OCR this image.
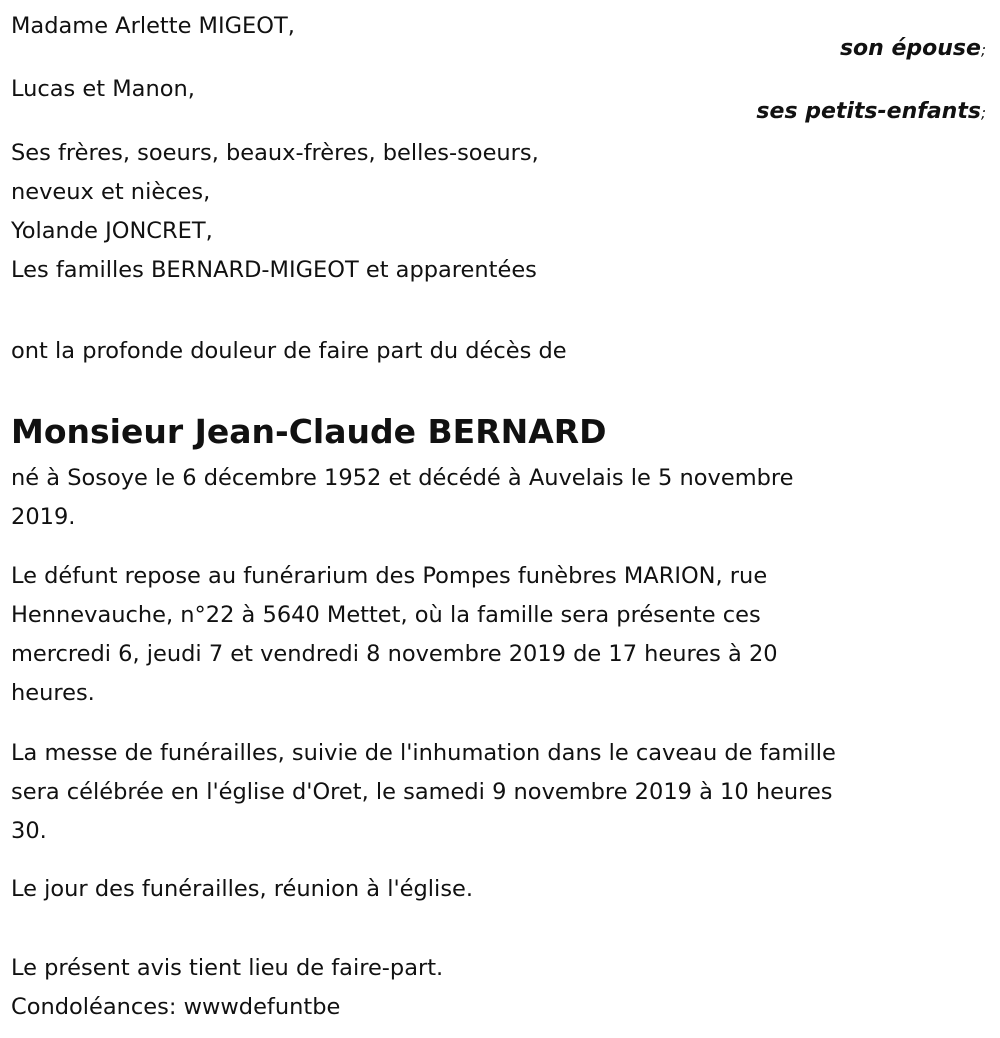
Madame Arlette MIGEOT,
son épouse;
Lucas et Manon,
ses petits-enfants;
Ses frères, soeurs, beaux-frères, belles-soeurs,
neveux et nièces,
Yolande JONCRET,
Les familles BERNARD-MIGEOT et apparentées
ont la profonde douleur de faire part du décès de
Monsieur Jean-Claude BERNARD
né à Sosoye le 6 décembre 1952 et décédé à Auvelais le 5 novembre
2019.
Le défunt repose au funérarium des Pompes funèbres MARION, rue
Hennevauche, n°22 à 5640 Mettet, où la famille sera présente ces
mercredi 6, jeudi 7 et vendredi 8 novembre 2019 de 17 heures à 20
heures.
La messe de funérailles, suivie de l'inhumation dans le caveau de famille
sera célébrée en l'église d'Oret, le samedi 9 novembre 2019 à 10 heures
30.
Le jour des funérailles, réunion à l'église.
Le présent avis tient lieu de faire-part.
Condoléances: wwwdefuntbe
